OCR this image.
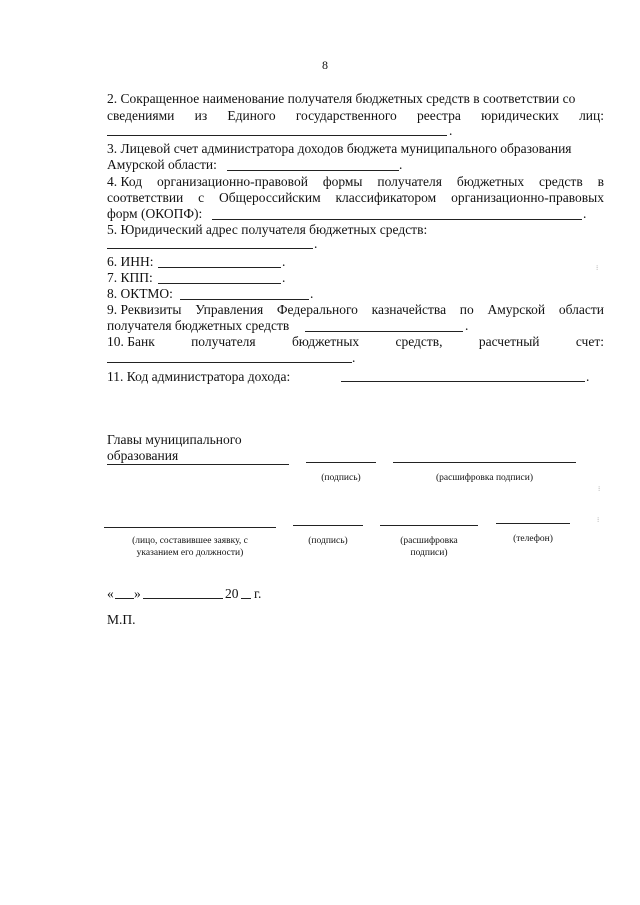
8
2. Сокращенное наименование получателя бюджетных средств в соответствии со
сведениями из Единого государственного реестра юридических лиц:
.
3. Лицевой счет администратора доходов бюджета муниципального образования
Амурской области:	.
4. Код организационно-правовой формы получателя бюджетных средств в
соответствии с Общероссийским классификатором организационно-правовых
форм (ОКОПФ):	.
5. Юридический адрес получателя бюджетных средств:
.
6. ИНН:	.
7. КПП:	.
8. ОКТМО:	.
9. Реквизиты Управления Федерального казначейства по Амурской области
получателя бюджетных средств	.
10. Банк	получателя	бюджетных	средств,	расчетный	счет:
.
11. Код администратора дохода:	.
Главы муниципального
образования
(подпись)	(расшифровка подписи)
(лицо, составившее заявку, с
указанием его должности)
(подпись)	(расшифровка
подписи)
(телефон)
« »	20 г.
М.П.
⁝
⁝
⁝
